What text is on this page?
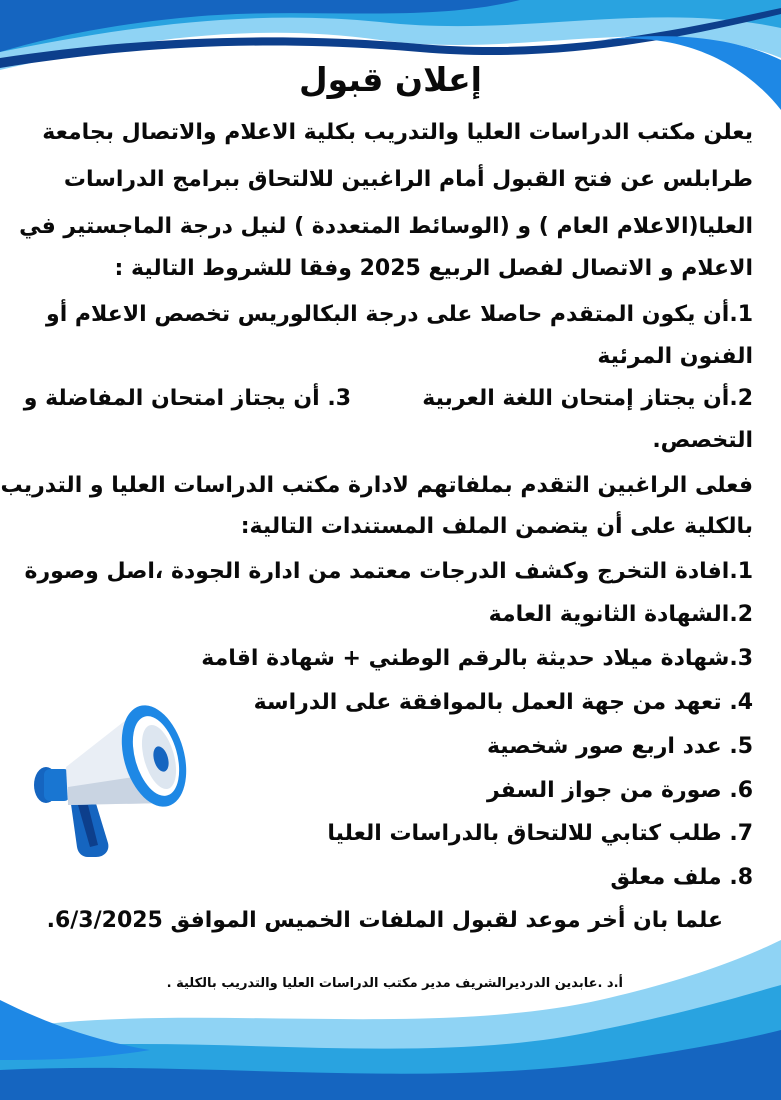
إعلان قبول
يعلن مكتب الدراسات العليا والتدريب بكلية الاعلام والاتصال بجامعة
طرابلس عن فتح القبول أمام الراغبين للالتحاق ببرامج الدراسات
العليا(الاعلام العام ) و (الوسائط المتعددة ) لنيل درجة الماجستير في
الاعلام و الاتصال لفصل الربيع 2025 وفقا للشروط التالية :
1.أن يكون المتقدم حاصلا على درجة البكالوريس تخصص الاعلام أو
الفنون المرئية
2.أن يجتاز إمتحان اللغة العربية
3. أن يجتاز امتحان المفاضلة و
التخصص.
فعلى الراغبين التقدم بملفاتهم لادارة مكتب الدراسات العليا و التدريب
بالكلية على أن يتضمن الملف المستندات التالية:
1.افادة التخرج وكشف الدرجات معتمد من ادارة الجودة ،اصل وصورة
2.الشهادة الثانوية العامة
3.شهادة ميلاد حديثة بالرقم الوطني + شهادة اقامة
4. تعهد من جهة العمل بالموافقة على الدراسة
5. عدد اربع صور شخصية
6. صورة من جواز السفر
7. طلب كتابي للالتحاق بالدراسات العليا
8. ملف معلق
علما بان أخر موعد لقبول الملفات الخميس الموافق 6/3/2025.
أ.د .عابدين الدرديرالشريف مدير مكتب الدراسات العليا والتدريب بالكلية .
